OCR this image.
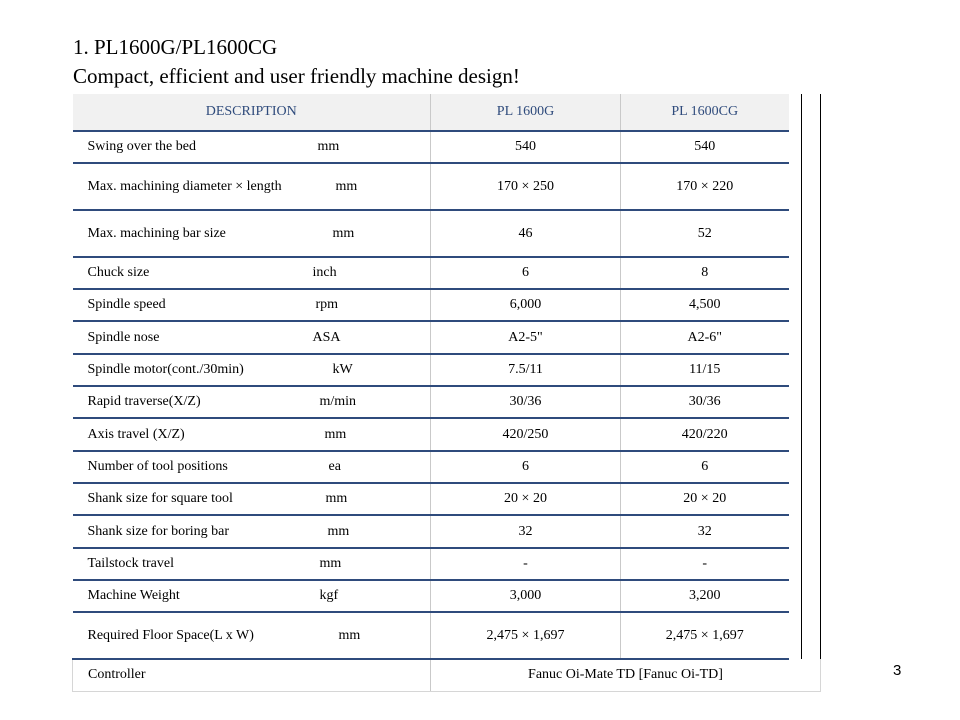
1. PL1600G/PL1600CG
Compact, efficient and user friendly machine design!
DESCRIPTION	PL 1600G	PL 1600CG		

Swing over the bed mm	540	540		

Max. machining diameter × length mm	170 × 250	170 × 220		

Max. machining bar size mm	46	52		

Chuck size inch	6	8		

Spindle speed rpm	6,000	4,500		

Spindle nose ASA	A2-5"	A2-6"		

Spindle motor(cont./30min) kW	7.5/11	11/15		

Rapid traverse(X/Z) m/min	30/36	30/36		

Axis travel (X/Z) mm	420/250	420/220		

Number of tool positions ea	6	6		

Shank size for square tool mm	20 × 20	20 × 20		

Shank size for boring bar mm	32	32		

Tailstock travel mm	-	-		

Machine Weight kgf	3,000	3,200		

Required Floor Space(L x W) mm	2,475 × 1,697	2,475 × 1,697		

Controller	Fanuc Oi-Mate TD [Fanuc Oi-TD]				3
